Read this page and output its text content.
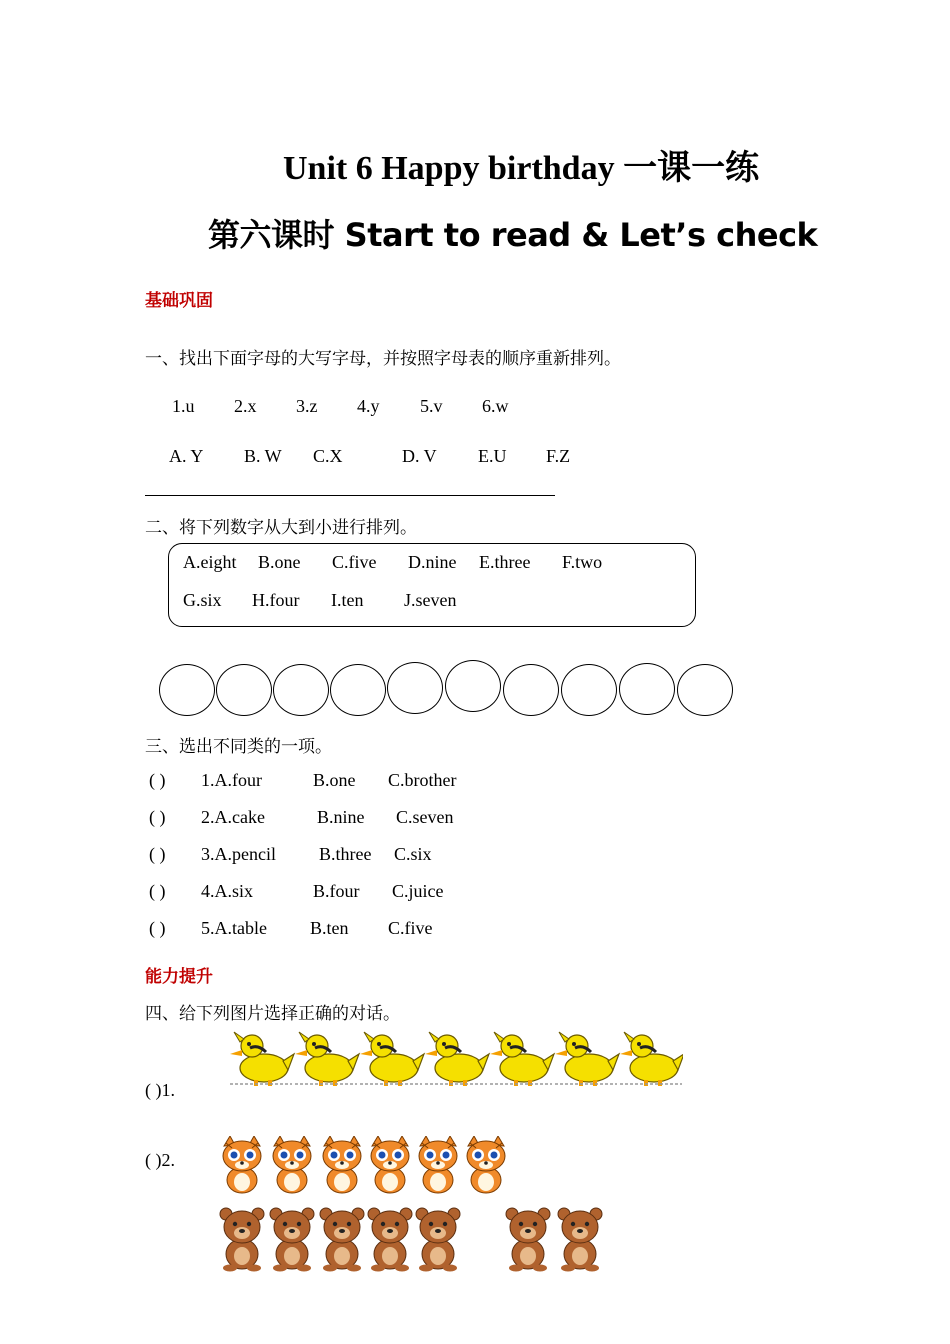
Unit 6 Happy birthday 一课一练
第六课时 Start to read & Let’s check
基础巩固
一、找出下面字母的大写字母，并按照字母表的顺序重新排列。
1.u 2.x 3.z 4.y 5.v 6.w
A. Y B. W C.X	D. V E.U F.Z
二、将下列数字从大到小进行排列。
A.eight B.one C.five D.nine E.three F.two
G.six H.four I.ten J.seven
三、选出不同类的一项。
( ) 1.A.four	B.one C.brother
( ) 2.A.cake	B.nine C.seven
( ) 3.A.pencil B.three C.six
( ) 4.A.six	B.four C.juice
( ) 5.A.table B.ten C.five
能力提升
四、给下列图片选择正确的对话。
( )1.
( )2.
